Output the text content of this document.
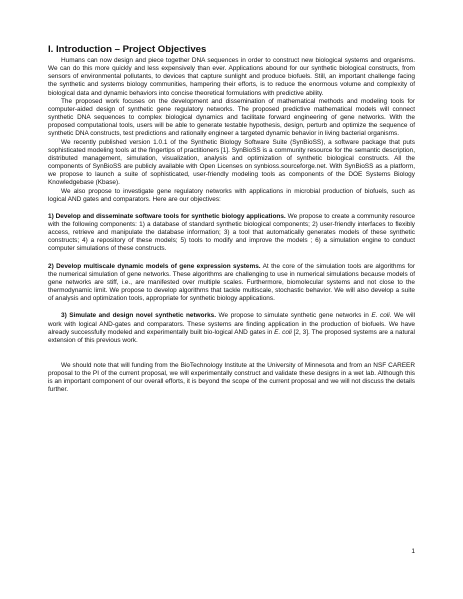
I. Introduction – Project Objectives

Humans can now design and piece together DNA sequences in order to construct new biological systems and organisms. We can do this more quickly and less expensively than ever. Applications abound for our synthetic biological constructs, from sensors of environmental pollutants, to devices that capture sunlight and produce biofuels. Still, an important challenge facing the synthetic and systems biology communities, hampering their efforts, is to reduce the enormous volume and complexity of biological data and dynamic behaviors into concise theoretical formulations with predictive ability.

The proposed work focuses on the development and dissemination of mathematical methods and modeling tools for computer-aided design of synthetic gene regulatory networks. The proposed predictive mathematical models will connect synthetic DNA sequences to complex biological dynamics and facilitate forward engineering of gene networks. With the proposed computational tools, users will be able to generate testable hypothesis, design, perturb and optimize the sequence of synthetic DNA constructs, test predictions and rationally engineer a targeted dynamic behavior in living bacterial organisms.

We recently published version 1.0.1 of the Synthetic Biology Software Suite (SynBioSS), a software package that puts sophisticated modeling tools at the fingertips of practitioners [1]. SynBioSS is a community resource for the semantic description, distributed management, simulation, visualization, analysis and optimization of synthetic biological constructs. All the components of SynBioSS are publicly available with Open Licenses on synbioss.sourceforge.net. With SynBioSS as a platform, we propose to launch a suite of sophisticated, user-friendly modeling tools as components of the DOE Systems Biology Knowledgebase (Kbase).

We also propose to investigate gene regulatory networks with applications in microbial production of biofuels, such as logical AND gates and comparators. Here are our objectives:

1) Develop and disseminate software tools for synthetic biology applications. We propose to create a community resource with the following components: 1) a database of standard synthetic biological components; 2) user-friendly interfaces to flexibly access, retrieve and manipulate the database information; 3) a tool that automatically generates models of these synthetic constructs; 4) a repository of these models; 5) tools to modify and improve the models ; 6) a simulation engine to conduct computer simulations of these constructs.

2) Develop multiscale dynamic models of gene expression systems. At the core of the simulation tools are algorithms for the numerical simulation of gene networks. These algorithms are challenging to use in numerical simulations because models of gene networks are stiff, i.e., are manifested over multiple scales. Furthermore, biomolecular systems and not close to the thermodynamic limit. We propose to develop algorithms that tackle multiscale, stochastic behavior. We will also develop a suite of analysis and optimization tools, appropriate for synthetic biology applications.

3) Simulate and design novel synthetic networks. We propose to simulate synthetic gene networks in E. coli. We will work with logical AND-gates and comparators. These systems are finding application in the production of biofuels. We have already successfully modeled and experimentally built bio-logical AND gates in E. coli [2, 3]. The proposed systems are a natural extension of this previous work.

We should note that will funding from the BioTechnology Institute at the University of Minnesota and from an NSF CAREER proposal to the PI of the current proposal, we will experimentally construct and validate these designs in a wet lab. Although this is an important component of our overall efforts, it is beyond the scope of the current proposal and we will not discuss the details further.

1
